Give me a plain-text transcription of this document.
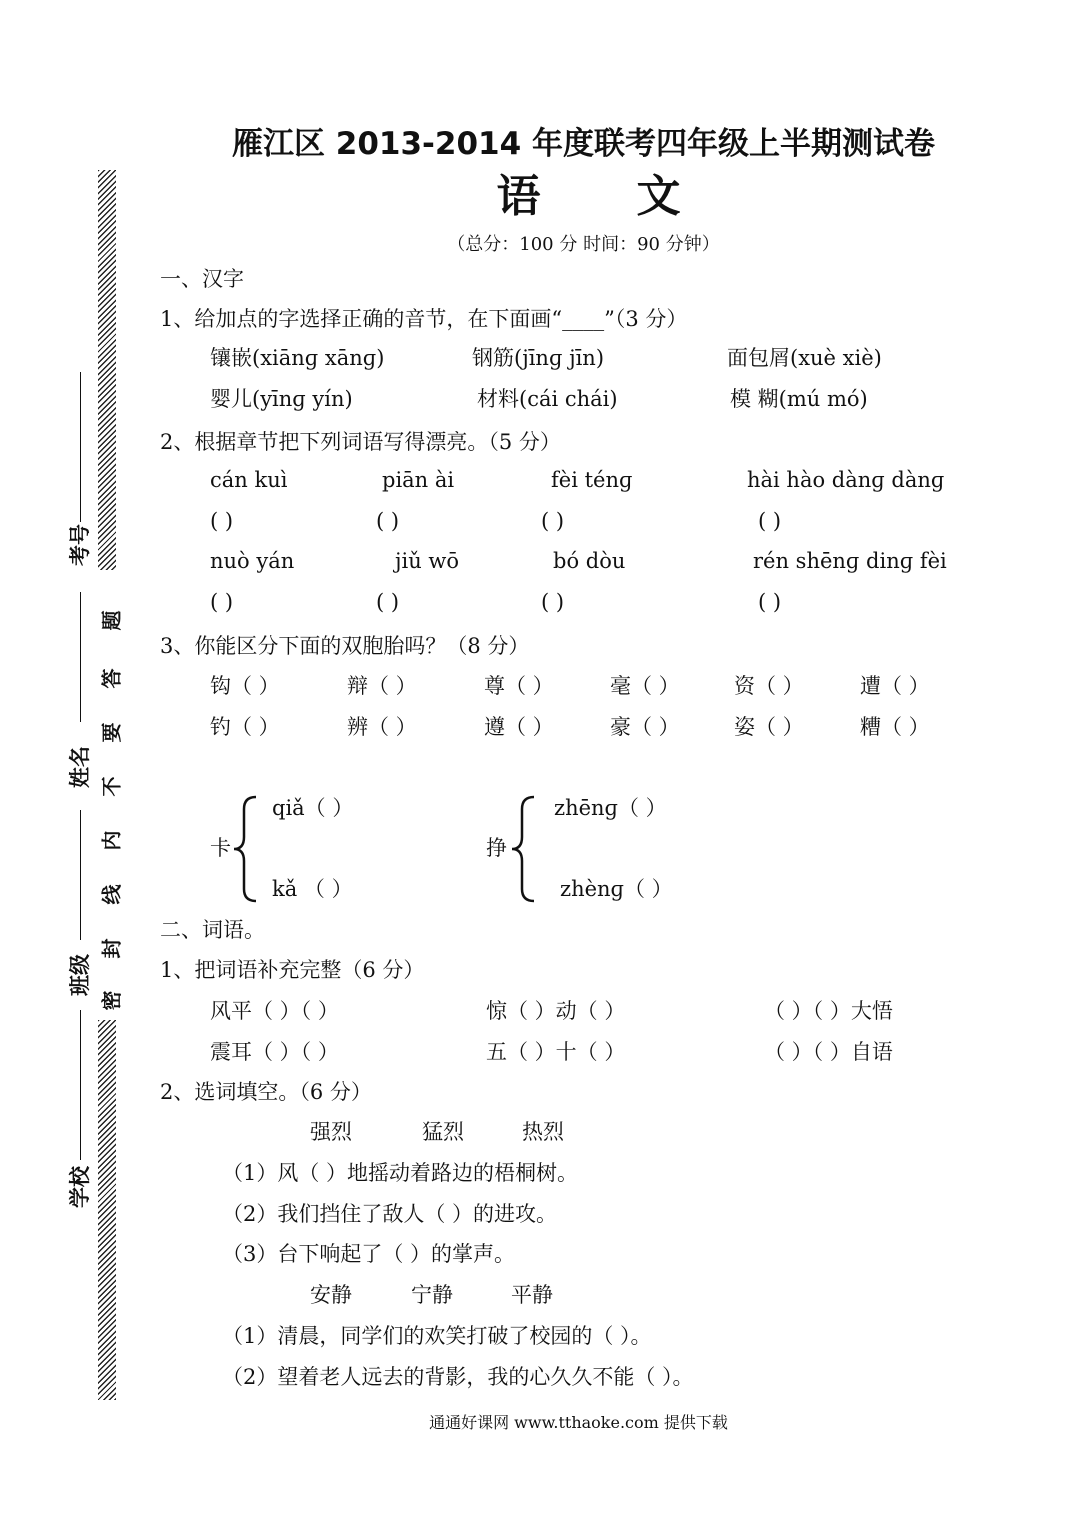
雁江区 2013-2014 年度联考四年级上半期测试卷
语 文
（总分：100 分 时间：90 分钟）
题
答
要
不
内
线
封
密
考号
姓名
班级
学校
一、汉字
1、给加点的字选择正确的音节，在下面画“____”（3 分）
镶嵌(xiānɡ xānɡ)	钢筋(jīnɡ jīn)	面包屑(xuè xiè)
婴儿(yīnɡ yín)	材料(cái chái)	模 糊(mú mó)
2、根据章节把下列词语写得漂亮。（5 分）
cán kuì	piān ài	fèi ténɡ	hài hào dànɡ dànɡ
( )	( )	( )	( )
nuò yán	jiǔ wō	bó dòu	rén shēnɡ dinɡ fèi
( )	( )	( )	( )
3、你能区分下面的双胞胎吗？（8 分）
钩（ ）	辩（ ）	尊（ ）	毫（ ）	资（ ）	遭（ ）
钓（ ）	辨（ ）	遵（ ）	豪（ ）	姿（ ）	糟（ ）
卡
qiǎ（ ）
kǎ （ ）
挣
zhēnɡ（ ）
zhènɡ（ ）
二、词语。
1、把词语补充完整（6 分）
风平（ ）（ ）	惊（ ）动（ ）	（ ）（ ）大悟
震耳（ ）（ ）	五（ ）十（ ）	（ ）（ ）自语
2、选词填空。（6 分）
强烈	猛烈	热烈
（1）风（ ）地摇动着路边的梧桐树。
（2）我们挡住了敌人（ ）的进攻。
（3）台下响起了（ ）的掌声。
安静	宁静	平静
（1）清晨，同学们的欢笑打破了校园的（ ）。
（2）望着老人远去的背影，我的心久久不能（ ）。
通通好课网 www.tthaoke.com 提供下载
